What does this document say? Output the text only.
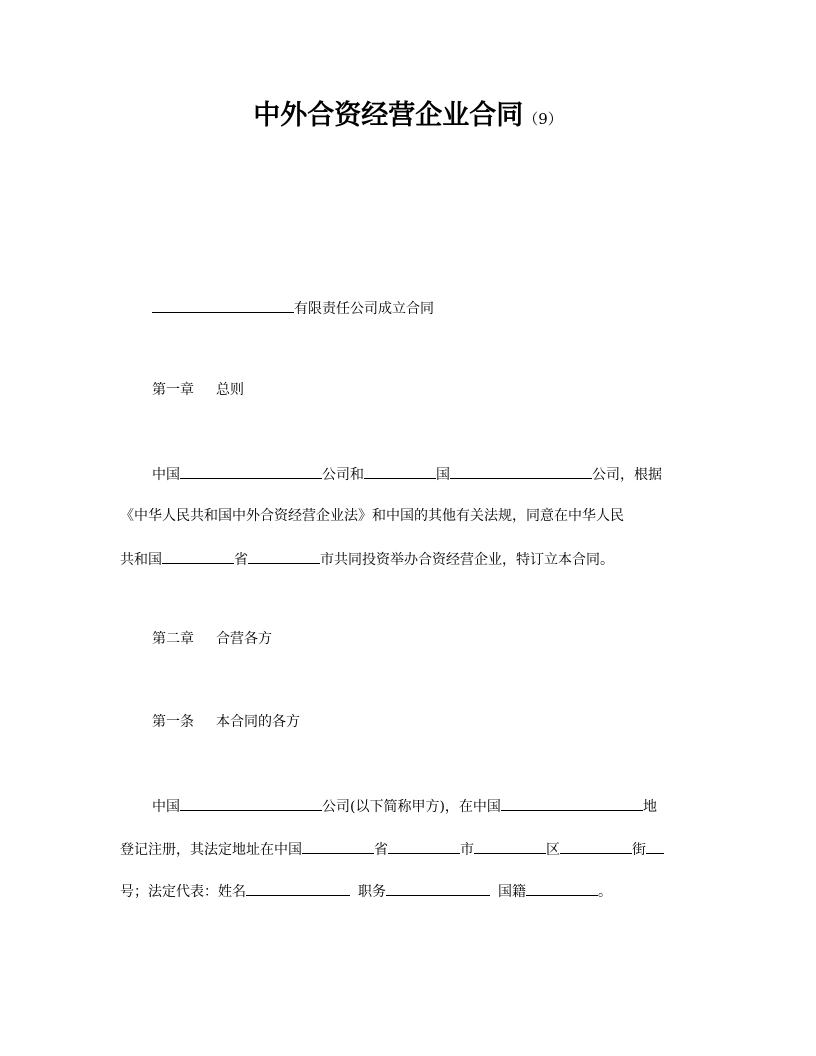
中外合资经营企业合同（9）
有限责任公司成立合同
第一章 总则
中国	公司和	国	公司，根据
《中华人民共和国中外合资经营企业法》和中国的其他有关法规，同意在中华人民
共和国	省	市共同投资举办合资经营企业，特订立本合同。
第二章 合营各方
第一条 本合同的各方
中国	公司(以下简称甲方)，在中国	地
登记注册，其法定地址在中国	省	市	区	街
号；法定代表：姓名	职务	国籍	。
